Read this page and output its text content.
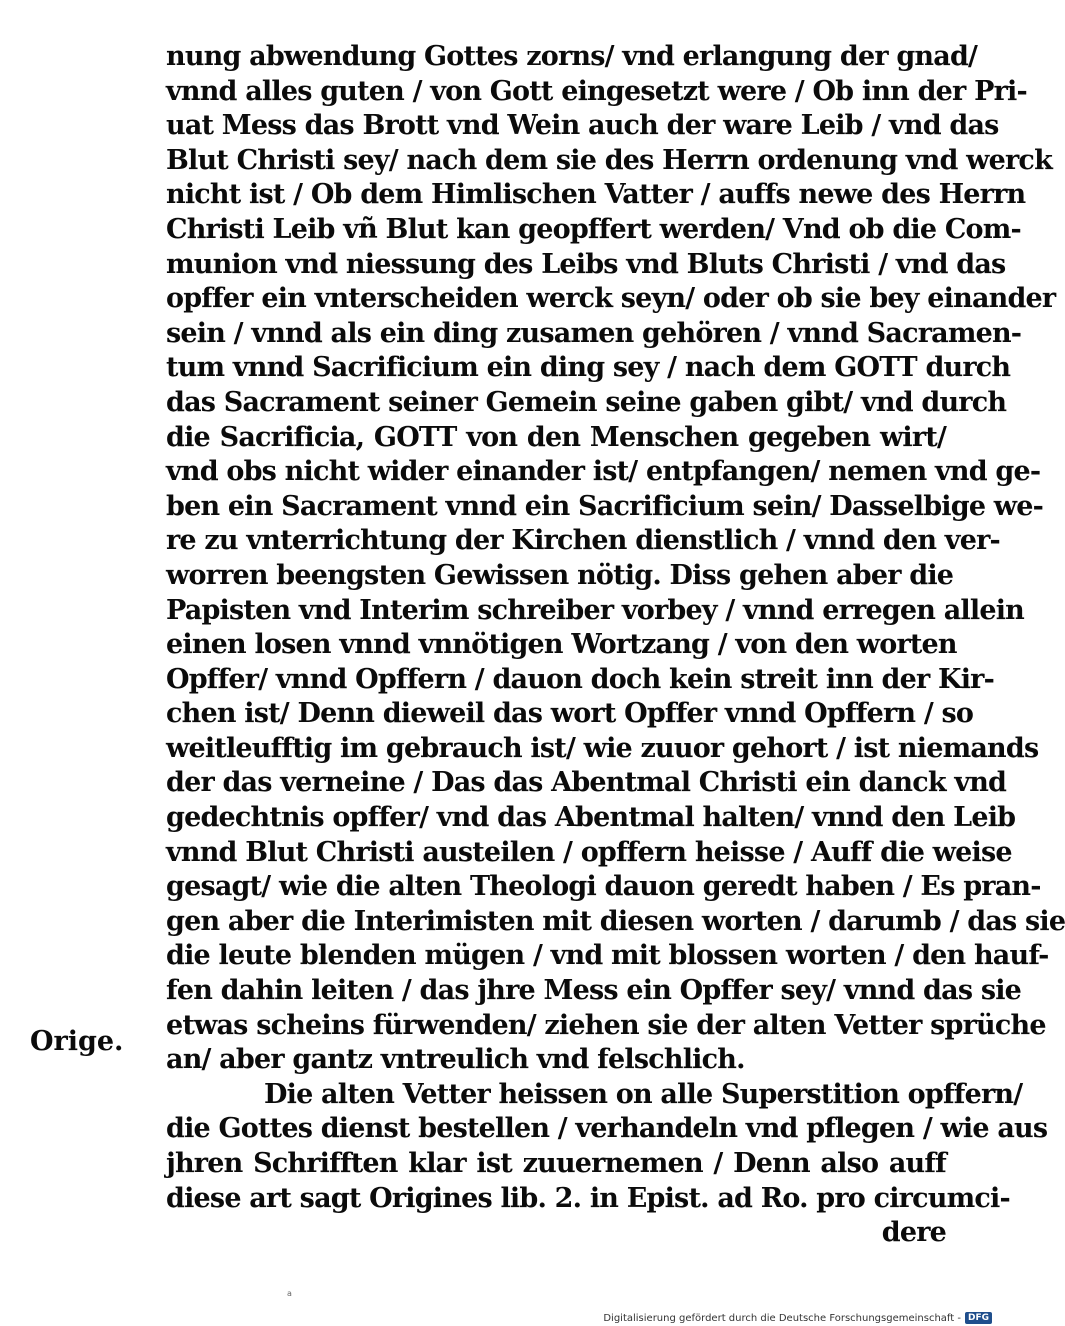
nung abwendung Gottes zorns/ vnd erlangung der gnad/
vnnd alles guten / von Gott eingesetzt were / Ob inn der Pri-
uat Mess das Brott vnd Wein auch der ware Leib / vnd das
Blut Christi sey/ nach dem sie des Herrn ordenung vnd werck
nicht ist / Ob dem Himlischen Vatter / auffs newe des Herrn
Christi Leib vñ Blut kan geopffert werden/ Vnd ob die Com-
munion vnd niessung des Leibs vnd Bluts Christi / vnd das
opffer ein vnterscheiden werck seyn/ oder ob sie bey einander
sein / vnnd als ein ding zusamen gehören / vnnd Sacramen-
tum vnnd Sacrificium ein ding sey / nach dem GOTT durch
das Sacrament seiner Gemein seine gaben gibt/ vnd durch
die Sacrificia, GOTT von den Menschen gegeben wirt/
vnd obs nicht wider einander ist/ entpfangen/ nemen vnd ge-
ben ein Sacrament vnnd ein Sacrificium sein/ Dasselbige we-
re zu vnterrichtung der Kirchen dienstlich / vnnd den ver-
worren beengsten Gewissen nötig. Diss gehen aber die
Papisten vnd Interim schreiber vorbey / vnnd erregen allein
einen losen vnnd vnnötigen Wortzang / von den worten
Opffer/ vnnd Opffern / dauon doch kein streit inn der Kir-
chen ist/ Denn dieweil das wort Opffer vnnd Opffern / so
weitleufftig im gebrauch ist/ wie zuuor gehort / ist niemands
der das verneine / Das das Abentmal Christi ein danck vnd
gedechtnis opffer/ vnd das Abentmal halten/ vnnd den Leib
vnnd Blut Christi austeilen / opffern heisse / Auff die weise
gesagt/ wie die alten Theologi dauon geredt haben / Es pran-
gen aber die Interimisten mit diesen worten / darumb / das sie
die leute blenden mügen / vnd mit blossen worten / den hauf-
fen dahin leiten / das jhre Mess ein Opffer sey/ vnnd das sie
etwas scheins fürwenden/ ziehen sie der alten Vetter sprüche
an/ aber gantz vntreulich vnd felschlich.
Die alten Vetter heissen on alle Superstition opffern/
die Gottes dienst bestellen / verhandeln vnd pflegen / wie aus
jhren Schrifften klar ist zuuernemen / Denn also auff
diese art sagt Origines lib. 2. in Epist. ad Ro. pro circumci-
dere
Orige.
a
Digitalisierung gefördert durch die Deutsche Forschungsgemeinschaft - DFG
